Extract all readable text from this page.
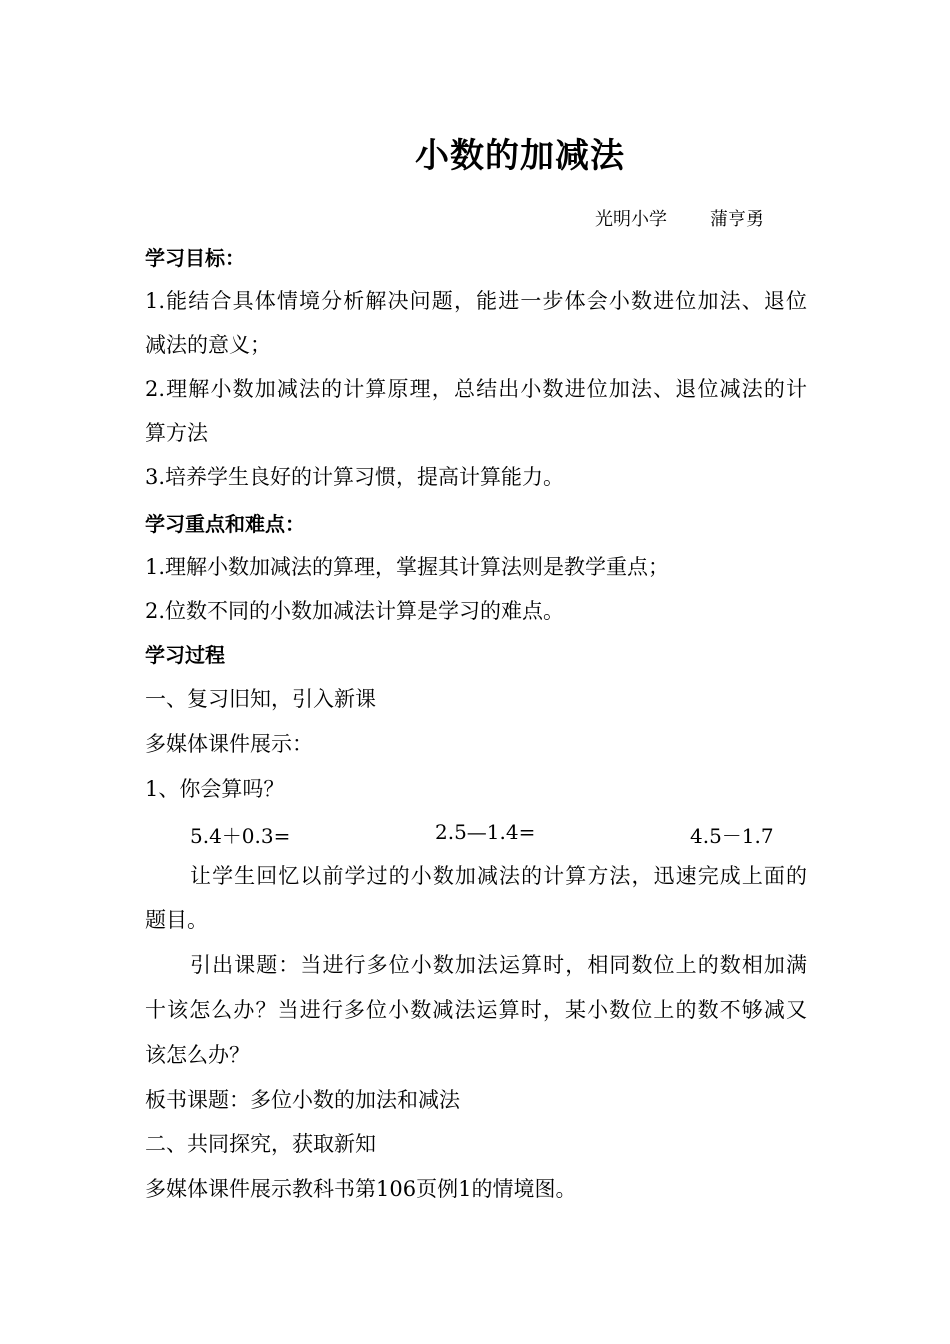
小数的加减法
光明小学 蒲亨勇
学习目标：
1.能结合具体情境分析解决问题，能进一步体会小数进位加法、退位
减法的意义；
2.理解小数加减法的计算原理，总结出小数进位加法、退位减法的计
算方法
3.培养学生良好的计算习惯，提高计算能力。
学习重点和难点：
1.理解小数加减法的算理，掌握其计算法则是教学重点；
2.位数不同的小数加减法计算是学习的难点。
学习过程
一、复习旧知，引入新课
多媒体课件展示：
1、你会算吗？
5.4＋0.3=	2.5—1.4=	4.5－1.7
让学生回忆以前学过的小数加减法的计算方法，迅速完成上面的
题目。
引出课题：当进行多位小数加法运算时，相同数位上的数相加满
十该怎么办？当进行多位小数减法运算时，某小数位上的数不够减又
该怎么办？
板书课题：多位小数的加法和减法
二、共同探究，获取新知
多媒体课件展示教科书第106页例1的情境图。
